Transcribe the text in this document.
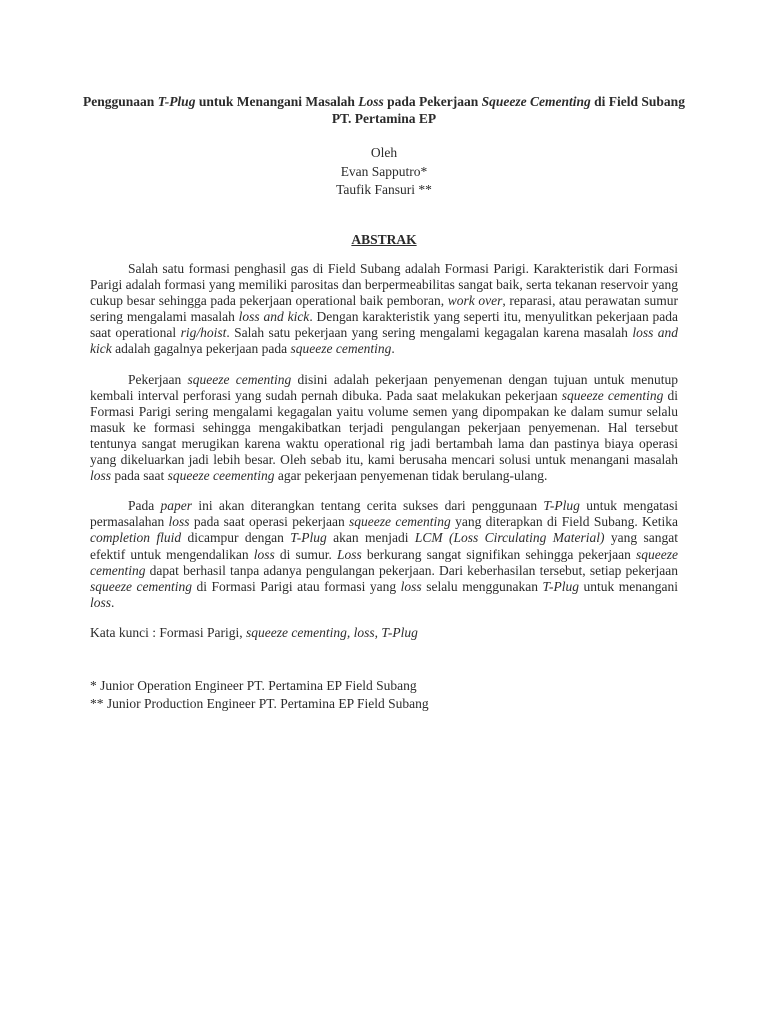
Penggunaan T-Plug untuk Menangani Masalah Loss pada Pekerjaan Squeeze Cementing di Field Subang PT. Pertamina EP
Oleh
Evan Sapputro*
Taufik Fansuri **
ABSTRAK

Salah satu formasi penghasil gas di Field Subang adalah Formasi Parigi. Karakteristik dari Formasi Parigi adalah formasi yang memiliki parositas dan berpermeabilitas sangat baik, serta tekanan reservoir yang cukup besar sehingga pada pekerjaan operational baik pemboran, work over, reparasi, atau perawatan sumur sering mengalami masalah loss and kick. Dengan karakteristik yang seperti itu, menyulitkan pekerjaan pada saat operational rig/hoist. Salah satu pekerjaan yang sering mengalami kegagalan karena masalah loss and kick adalah gagalnya pekerjaan pada squeeze cementing.

Pekerjaan squeeze cementing disini adalah pekerjaan penyemenan dengan tujuan untuk menutup kembali interval perforasi yang sudah pernah dibuka. Pada saat melakukan pekerjaan squeeze cementing di Formasi Parigi sering mengalami kegagalan yaitu volume semen yang dipompakan ke dalam sumur selalu masuk ke formasi sehingga mengakibatkan terjadi pengulangan pekerjaan penyemenan. Hal tersebut tentunya sangat merugikan karena waktu operational rig jadi bertambah lama dan pastinya biaya operasi yang dikeluarkan jadi lebih besar. Oleh sebab itu, kami berusaha mencari solusi untuk menangani masalah loss pada saat squeeze ceementing agar pekerjaan penyemenan tidak berulang-ulang.

Pada paper ini akan diterangkan tentang cerita sukses dari penggunaan T-Plug untuk mengatasi permasalahan loss pada saat operasi pekerjaan squeeze cementing yang diterapkan di Field Subang. Ketika completion fluid dicampur dengan T-Plug akan menjadi LCM (Loss Circulating Material) yang sangat efektif untuk mengendalikan loss di sumur. Loss berkurang sangat signifikan sehingga pekerjaan squeeze cementing dapat berhasil tanpa adanya pengulangan pekerjaan. Dari keberhasilan tersebut, setiap pekerjaan squeeze cementing di Formasi Parigi atau formasi yang loss selalu menggunakan T-Plug untuk menangani loss.

Kata kunci : Formasi Parigi, squeeze cementing, loss, T-Plug

* Junior Operation Engineer PT. Pertamina EP Field Subang
** Junior Production Engineer PT. Pertamina EP Field Subang
